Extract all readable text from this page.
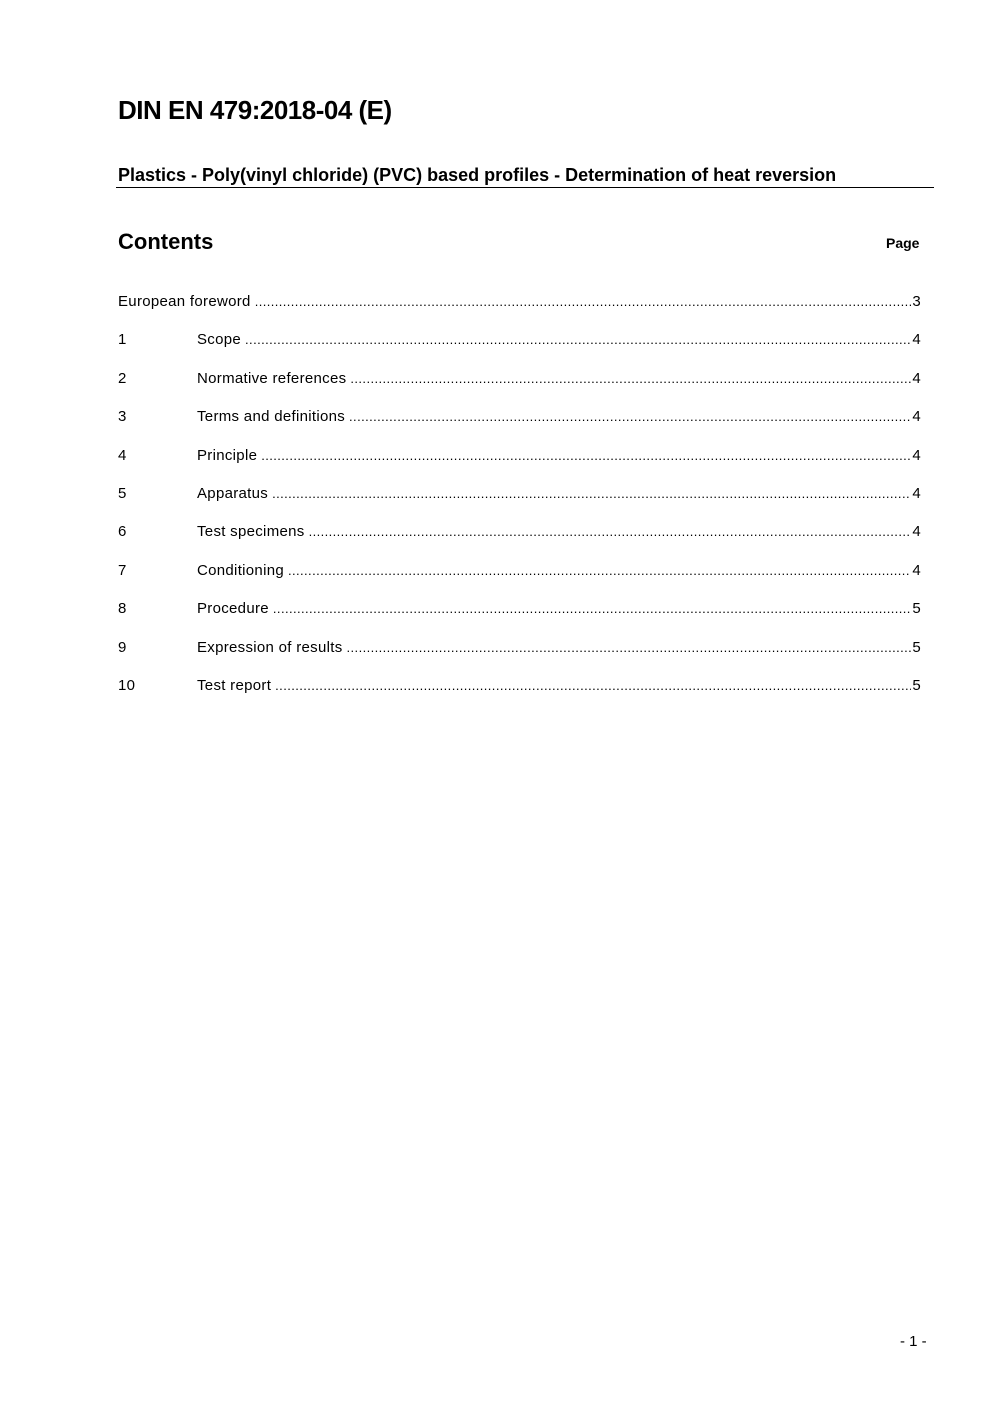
DIN EN 479:2018-04 (E)
Plastics - Poly(vinyl chloride) (PVC) based profiles - Determination of heat reversion
Contents	Page
European foreword .....	3
1	Scope .....	4
2	Normative references .....	4
3	Terms and definitions .....	4
4	Principle .....	4
5	Apparatus .....	4
6	Test specimens .....	4
7	Conditioning .....	4
8	Procedure .....	5
9	Expression of results .....	5
10	Test report .....	5
- 1 -
